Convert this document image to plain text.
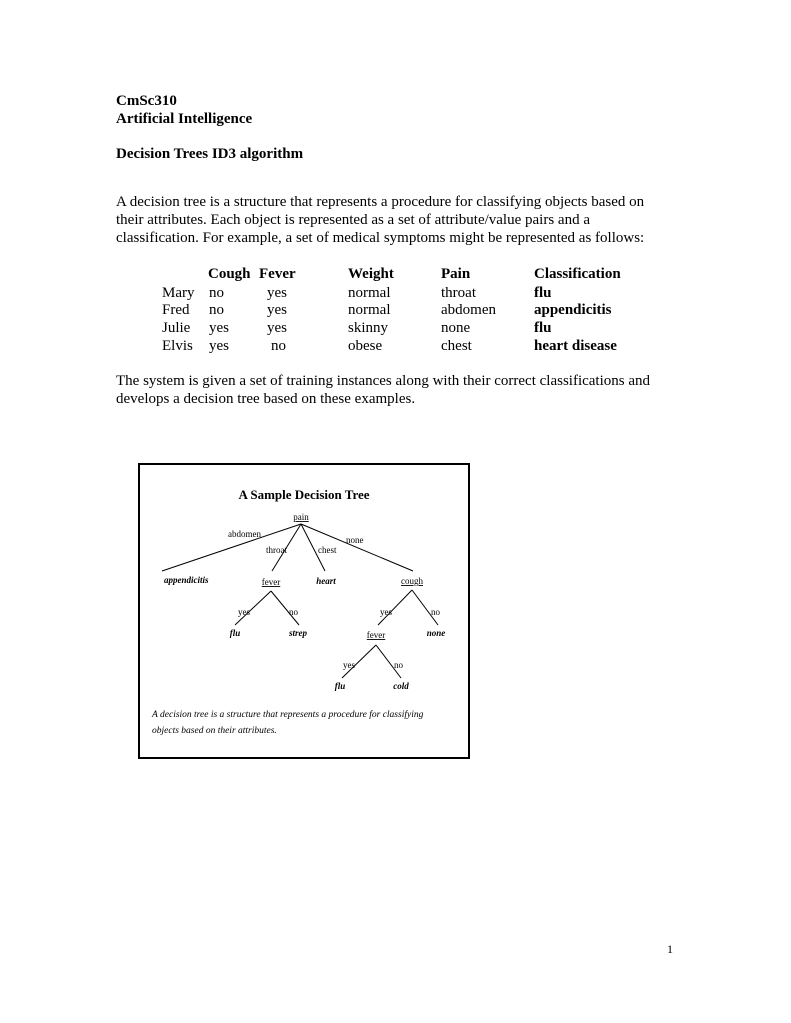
CmSc310
Artificial Intelligence
Decision Trees ID3 algorithm
A decision tree is a structure that represents a procedure for classifying objects based on
their attributes. Each object is represented as a set of attribute/value pairs and a
classification. For example, a set of medical symptoms might be represented as follows:
Cough Fever	Weight	Pain	Classification
Mary no	yes	normal	throat	flu
Fred no	yes	normal	abdomen	appendicitis
Julie yes	yes	skinny	none	flu
Elvis yes	no	obese	chest	heart disease
The system is given a set of training instances along with their correct classifications and
develops a decision tree based on these examples.
A Sample Decision Tree
pain
abdomen
throat	chest
none
appendicitis	fever	heart	cough
yes	no
flu	strep
yes	no
fever	none
yes	no
flu	cold
A decision tree is a structure that represents a procedure for classifying
objects based on their attributes.
1
